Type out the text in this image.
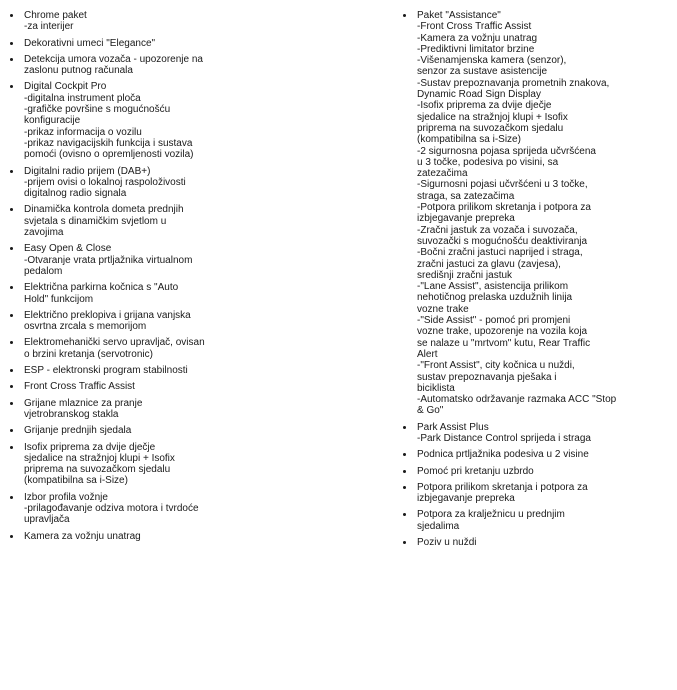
Chrome paket
-za interijer
Dekorativni umeci "Elegance"
Detekcija umora vozača - upozorenje na
zaslonu putnog računala
Digital Cockpit Pro
-digitalna instrument ploča
-grafičke površine s mogućnošću
konfiguracije
-prikaz informacija o vozilu
-prikaz navigacijskih funkcija i sustava
pomoći (ovisno o opremljenosti vozila)
Digitalni radio prijem (DAB+)
-prijem ovisi o lokalnoj raspoloživosti
digitalnog radio signala
Dinamička kontrola dometa prednjih
svjetala s dinamičkim svjetlom u
zavojima
Easy Open & Close
-Otvaranje vrata prtljažnika virtualnom
pedalom
Električna parkirna kočnica s "Auto
Hold" funkcijom
Električno preklopiva i grijana vanjska
osvrtna zrcala s memorijom
Elektromehanički servo upravljač, ovisan
o brzini kretanja (servotronic)
ESP - elektronski program stabilnosti
Front Cross Traffic Assist
Grijane mlaznice za pranje
vjetrobranskog stakla
Grijanje prednjih sjedala
Isofix priprema za dvije dječje
sjedalice na stražnjoj klupi + Isofix
priprema na suvozačkom sjedalu
(kompatibilna sa i-Size)
Izbor profila vožnje
-prilagođavanje odziva motora i tvrdoće
upravljača
Kamera za vožnju unatrag
Paket "Assistance"
-Front Cross Traffic Assist
-Kamera za vožnju unatrag
-Prediktivni limitator brzine
-Višenamjenska kamera (senzor),
senzor za sustave asistencije
-Sustav prepoznavanja prometnih znakova,
Dynamic Road Sign Display
-Isofix priprema za dvije dječje
sjedalice na stražnjoj klupi + Isofix
priprema na suvozačkom sjedalu
(kompatibilna sa i-Size)
-2 sigurnosna pojasa sprijeda učvršćena
u 3 točke, podesiva po visini, sa
zatezačima
-Sigurnosni pojasi učvršćeni u 3 točke,
straga, sa zatezačima
-Potpora prilikom skretanja i potpora za
izbjegavanje prepreka
-Zračni jastuk za vozača i suvozača,
suvozački s mogućnošću deaktiviranja
-Bočni zračni jastuci naprijed i straga,
zračni jastuci za glavu (zavjesa),
središnji zračni jastuk
-"Lane Assist", asistencija prilikom
nehotičnog prelaska uzdužnih linija
vozne trake
-"Side Assist" - pomoć pri promjeni
vozne trake, upozorenje na vozila koja
se nalaze u "mrtvom" kutu, Rear Traffic
Alert
-"Front Assist", city kočnica u nuždi,
sustav prepoznavanja pješaka i
biciklista
-Automatsko održavanje razmaka ACC "Stop
& Go"
Park Assist Plus
-Park Distance Control sprijeda i straga
Podnica prtljažnika podesiva u 2 visine
Pomoć pri kretanju uzbrdo
Potpora prilikom skretanja i potpora za
izbjegavanje prepreka
Potpora za kralježnicu u prednjim
sjedalima
Poziv u nuždi
